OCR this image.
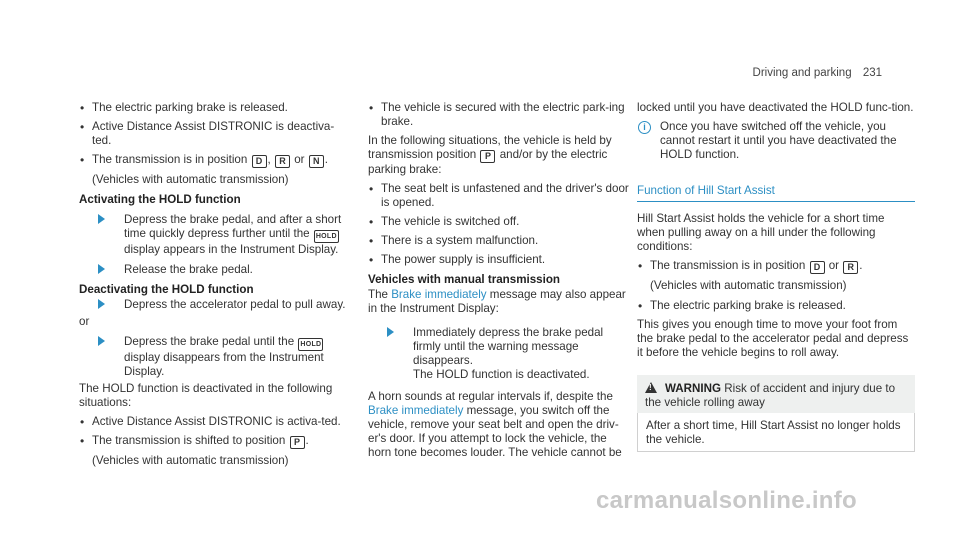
Driving and parking 231
• The electric parking brake is released.
• Active Distance Assist DISTRONIC is deactiva-ted.
• The transmission is in position D , R or N .
(Vehicles with automatic transmission)
Activating the HOLD function
Depress the brake pedal, and after a short time quickly depress further until the HOLD display appears in the Instrument Display.
Release the brake pedal.
Deactivating the HOLD function
Depress the accelerator pedal to pull away.
or
Depress the brake pedal until the HOLD display disappears from the Instrument Display.
The HOLD function is deactivated in the following situations:
• Active Distance Assist DISTRONIC is activa-ted.
• The transmission is shifted to position P .
(Vehicles with automatic transmission)
• The vehicle is secured with the electric park-ing brake.
In the following situations, the vehicle is held by transmission position P and/or by the electric parking brake:
• The seat belt is unfastened and the driver's door is opened.
• The vehicle is switched off.
• There is a system malfunction.
• The power supply is insufficient.
Vehicles with manual transmission
The Brake immediately message may also appear in the Instrument Display:
Immediately depress the brake pedal firmly until the warning message disappears.
The HOLD function is deactivated.
A horn sounds at regular intervals if, despite the Brake immediately message, you switch off the vehicle, remove your seat belt and open the driv-er's door. If you attempt to lock the vehicle, the horn tone becomes louder. The vehicle cannot be
locked until you have deactivated the HOLD func-tion.
i	Once you have switched off the vehicle, you cannot restart it until you have deactivated the HOLD function.
Function of Hill Start Assist
Hill Start Assist holds the vehicle for a short time when pulling away on a hill under the following conditions:
• The transmission is in position D or R .
(Vehicles with automatic transmission)
• The electric parking brake is released.
This gives you enough time to move your foot from the brake pedal to the accelerator pedal and depress it before the vehicle begins to roll away.
!WARNING Risk of accident and injury due to the vehicle rolling away
After a short time, Hill Start Assist no longer holds the vehicle.
carmanualsonline.info
